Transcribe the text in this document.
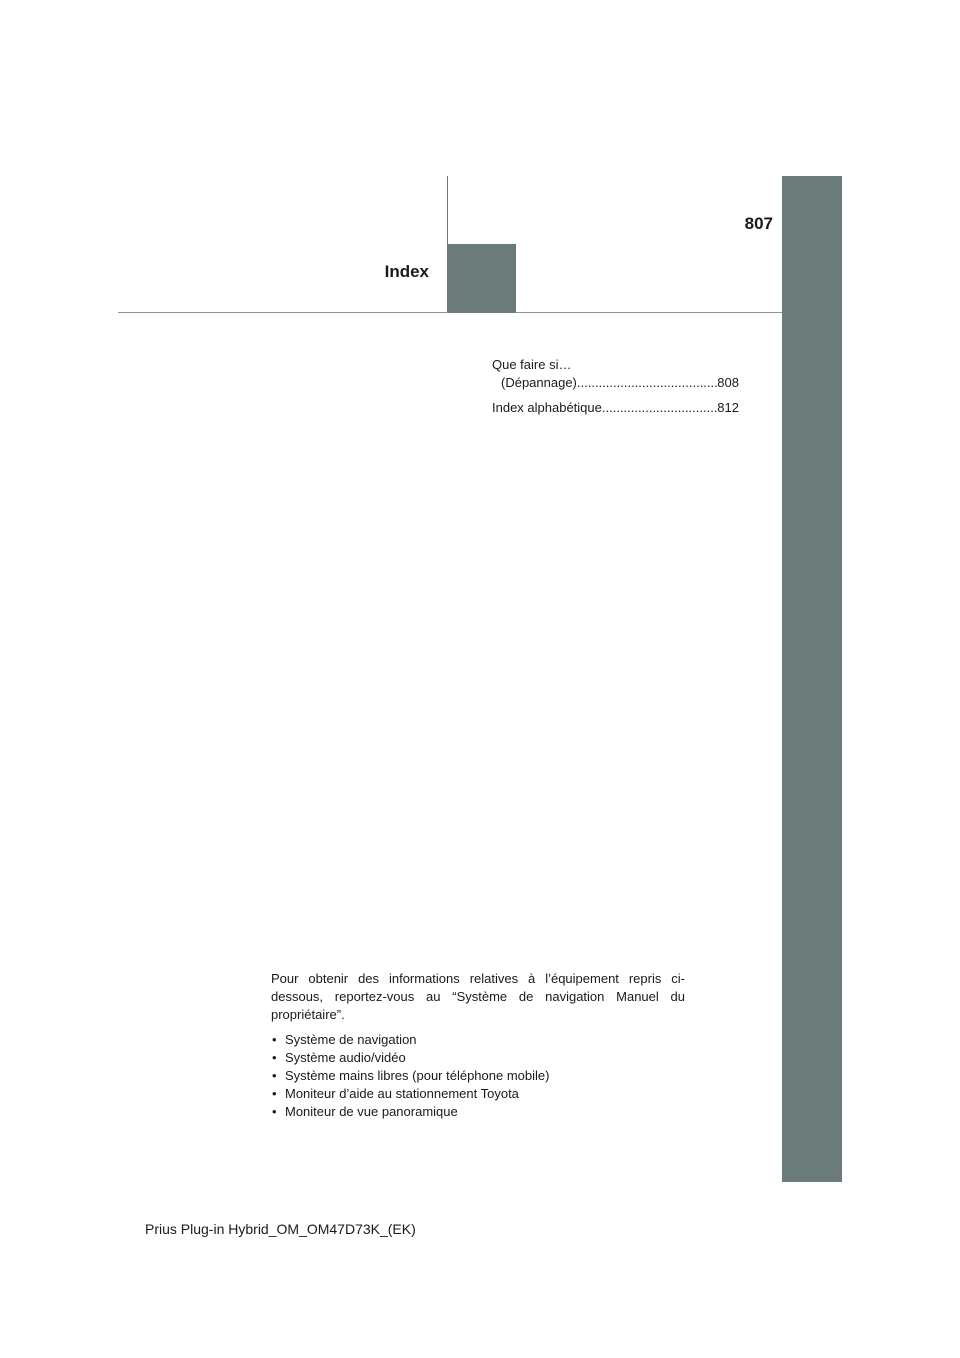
807
Index
Que faire si…
(Dépannage) .....	808
Index alphabétique .....	812

Pour obtenir des informations relatives à l’équipement repris ci-dessous, reportez-vous au “Système de navigation Manuel du propriétaire”.

• Système de navigation
• Système audio/vidéo
• Système mains libres (pour téléphone mobile)
• Moniteur d’aide au stationnement Toyota
• Moniteur de vue panoramique
Prius Plug-in Hybrid_OM_OM47D73K_(EK)
